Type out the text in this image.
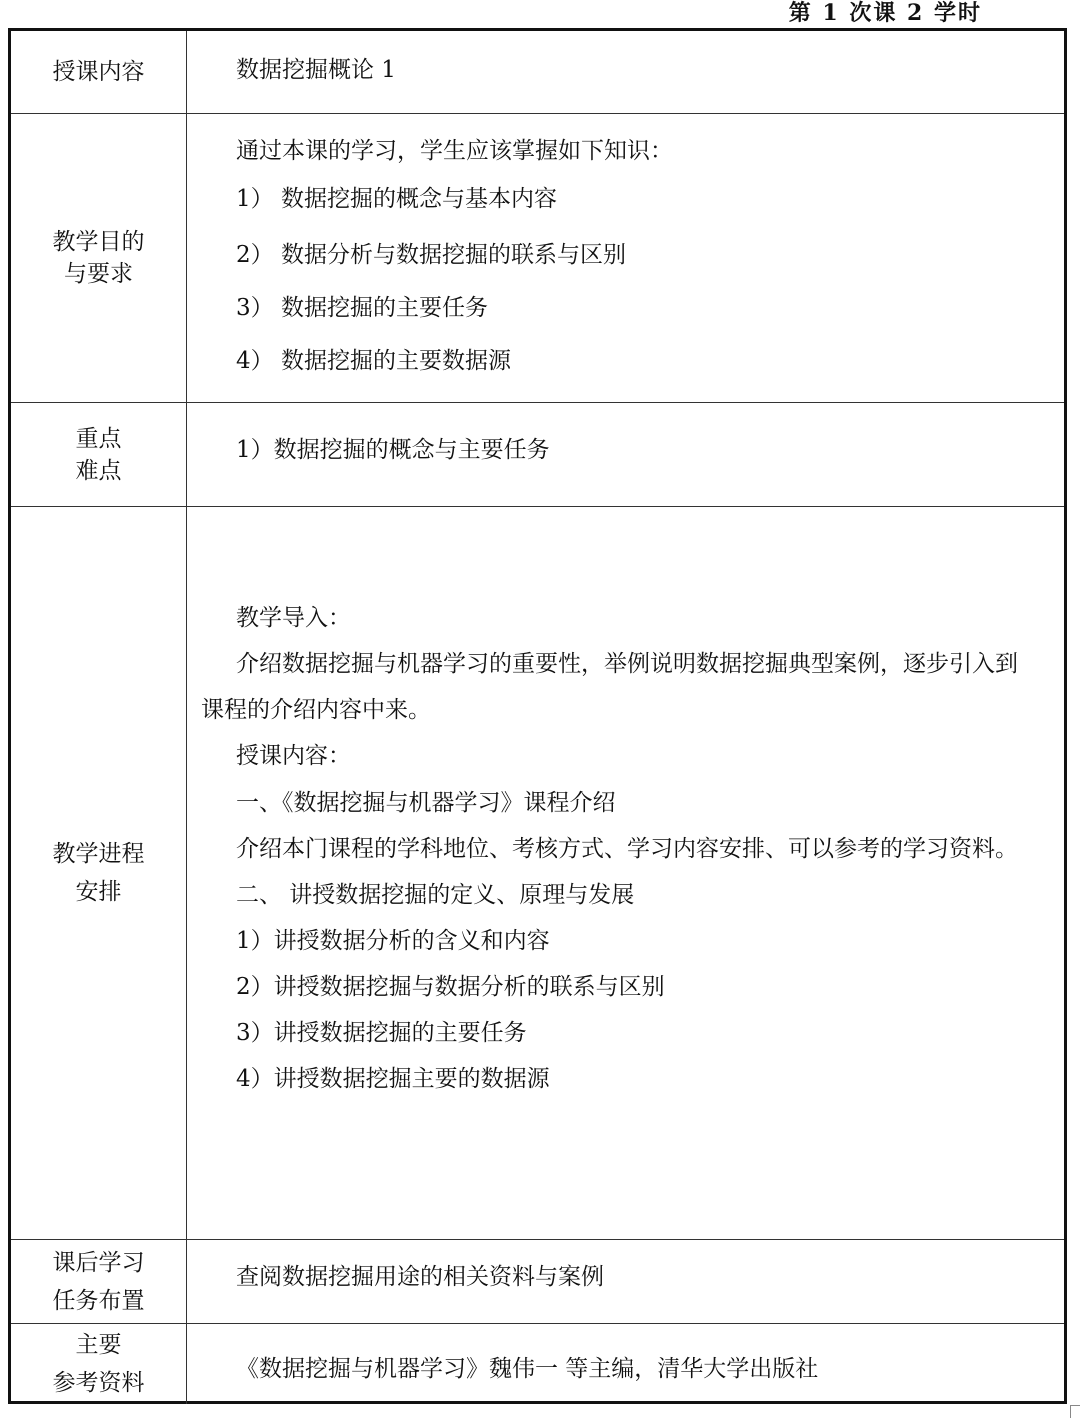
第 1 次课 2 学时
授课内容	数据挖掘概论 1
教学目的
与要求
通过本课的学习，学生应该掌握如下知识：
1） 数据挖掘的概念与基本内容
2） 数据分析与数据挖掘的联系与区别
3） 数据挖掘的主要任务
4） 数据挖掘的主要数据源
重点
难点
1）数据挖掘的概念与主要任务
教学进程
安排
教学导入：
介绍数据挖掘与机器学习的重要性，举例说明数据挖掘典型案例，逐步引入到
课程的介绍内容中来。
授课内容：
一、《数据挖掘与机器学习》课程介绍
介绍本门课程的学科地位、考核方式、学习内容安排、可以参考的学习资料。
二、 讲授数据挖掘的定义、原理与发展
1）讲授数据分析的含义和内容
2）讲授数据挖掘与数据分析的联系与区别
3）讲授数据挖掘的主要任务
4）讲授数据挖掘主要的数据源
课后学习
任务布置
查阅数据挖掘用途的相关资料与案例
主要
参考资料
《数据挖掘与机器学习》魏伟一 等主编，清华大学出版社
